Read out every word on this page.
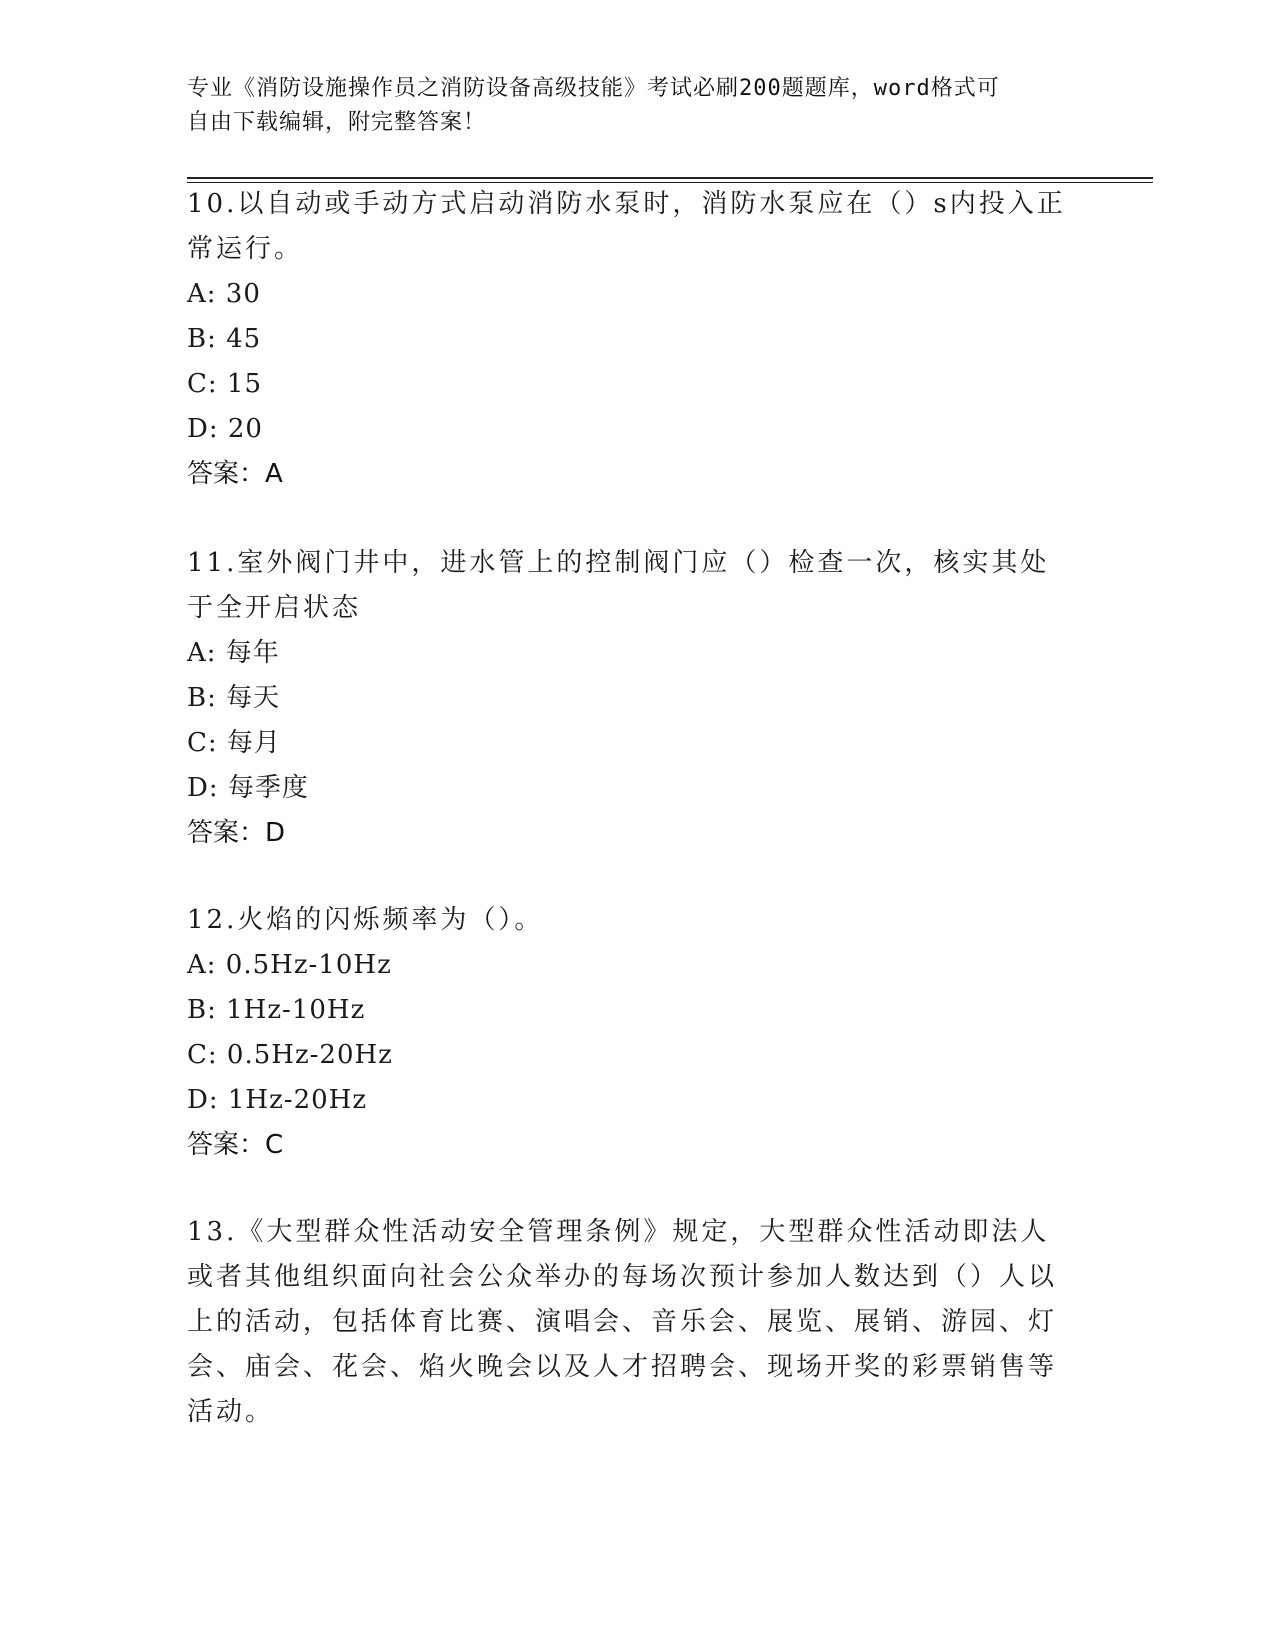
专业《消防设施操作员之消防设备高级技能》考试必刷200题题库，word格式可
自由下载编辑，附完整答案！
10.以自动或手动方式启动消防水泵时，消防水泵应在（）s内投入正常运行。
A: 30
B: 45
C: 15
D: 20
答案：A
11.室外阀门井中，进水管上的控制阀门应（）检查一次，核实其处于全开启状态
A: 每年
B: 每天
C: 每月
D: 每季度
答案：D
12.火焰的闪烁频率为（）。
A: 0.5Hz-10Hz
B: 1Hz-10Hz
C: 0.5Hz-20Hz
D: 1Hz-20Hz
答案：C
13.《大型群众性活动安全管理条例》规定，大型群众性活动即法人或者其他组织面向社会公众举办的每场次预计参加人数达到（）人以上的活动，包括体育比赛、演唱会、音乐会、展览、展销、游园、灯会、庙会、花会、焰火晚会以及人才招聘会、现场开奖的彩票销售等活动。
